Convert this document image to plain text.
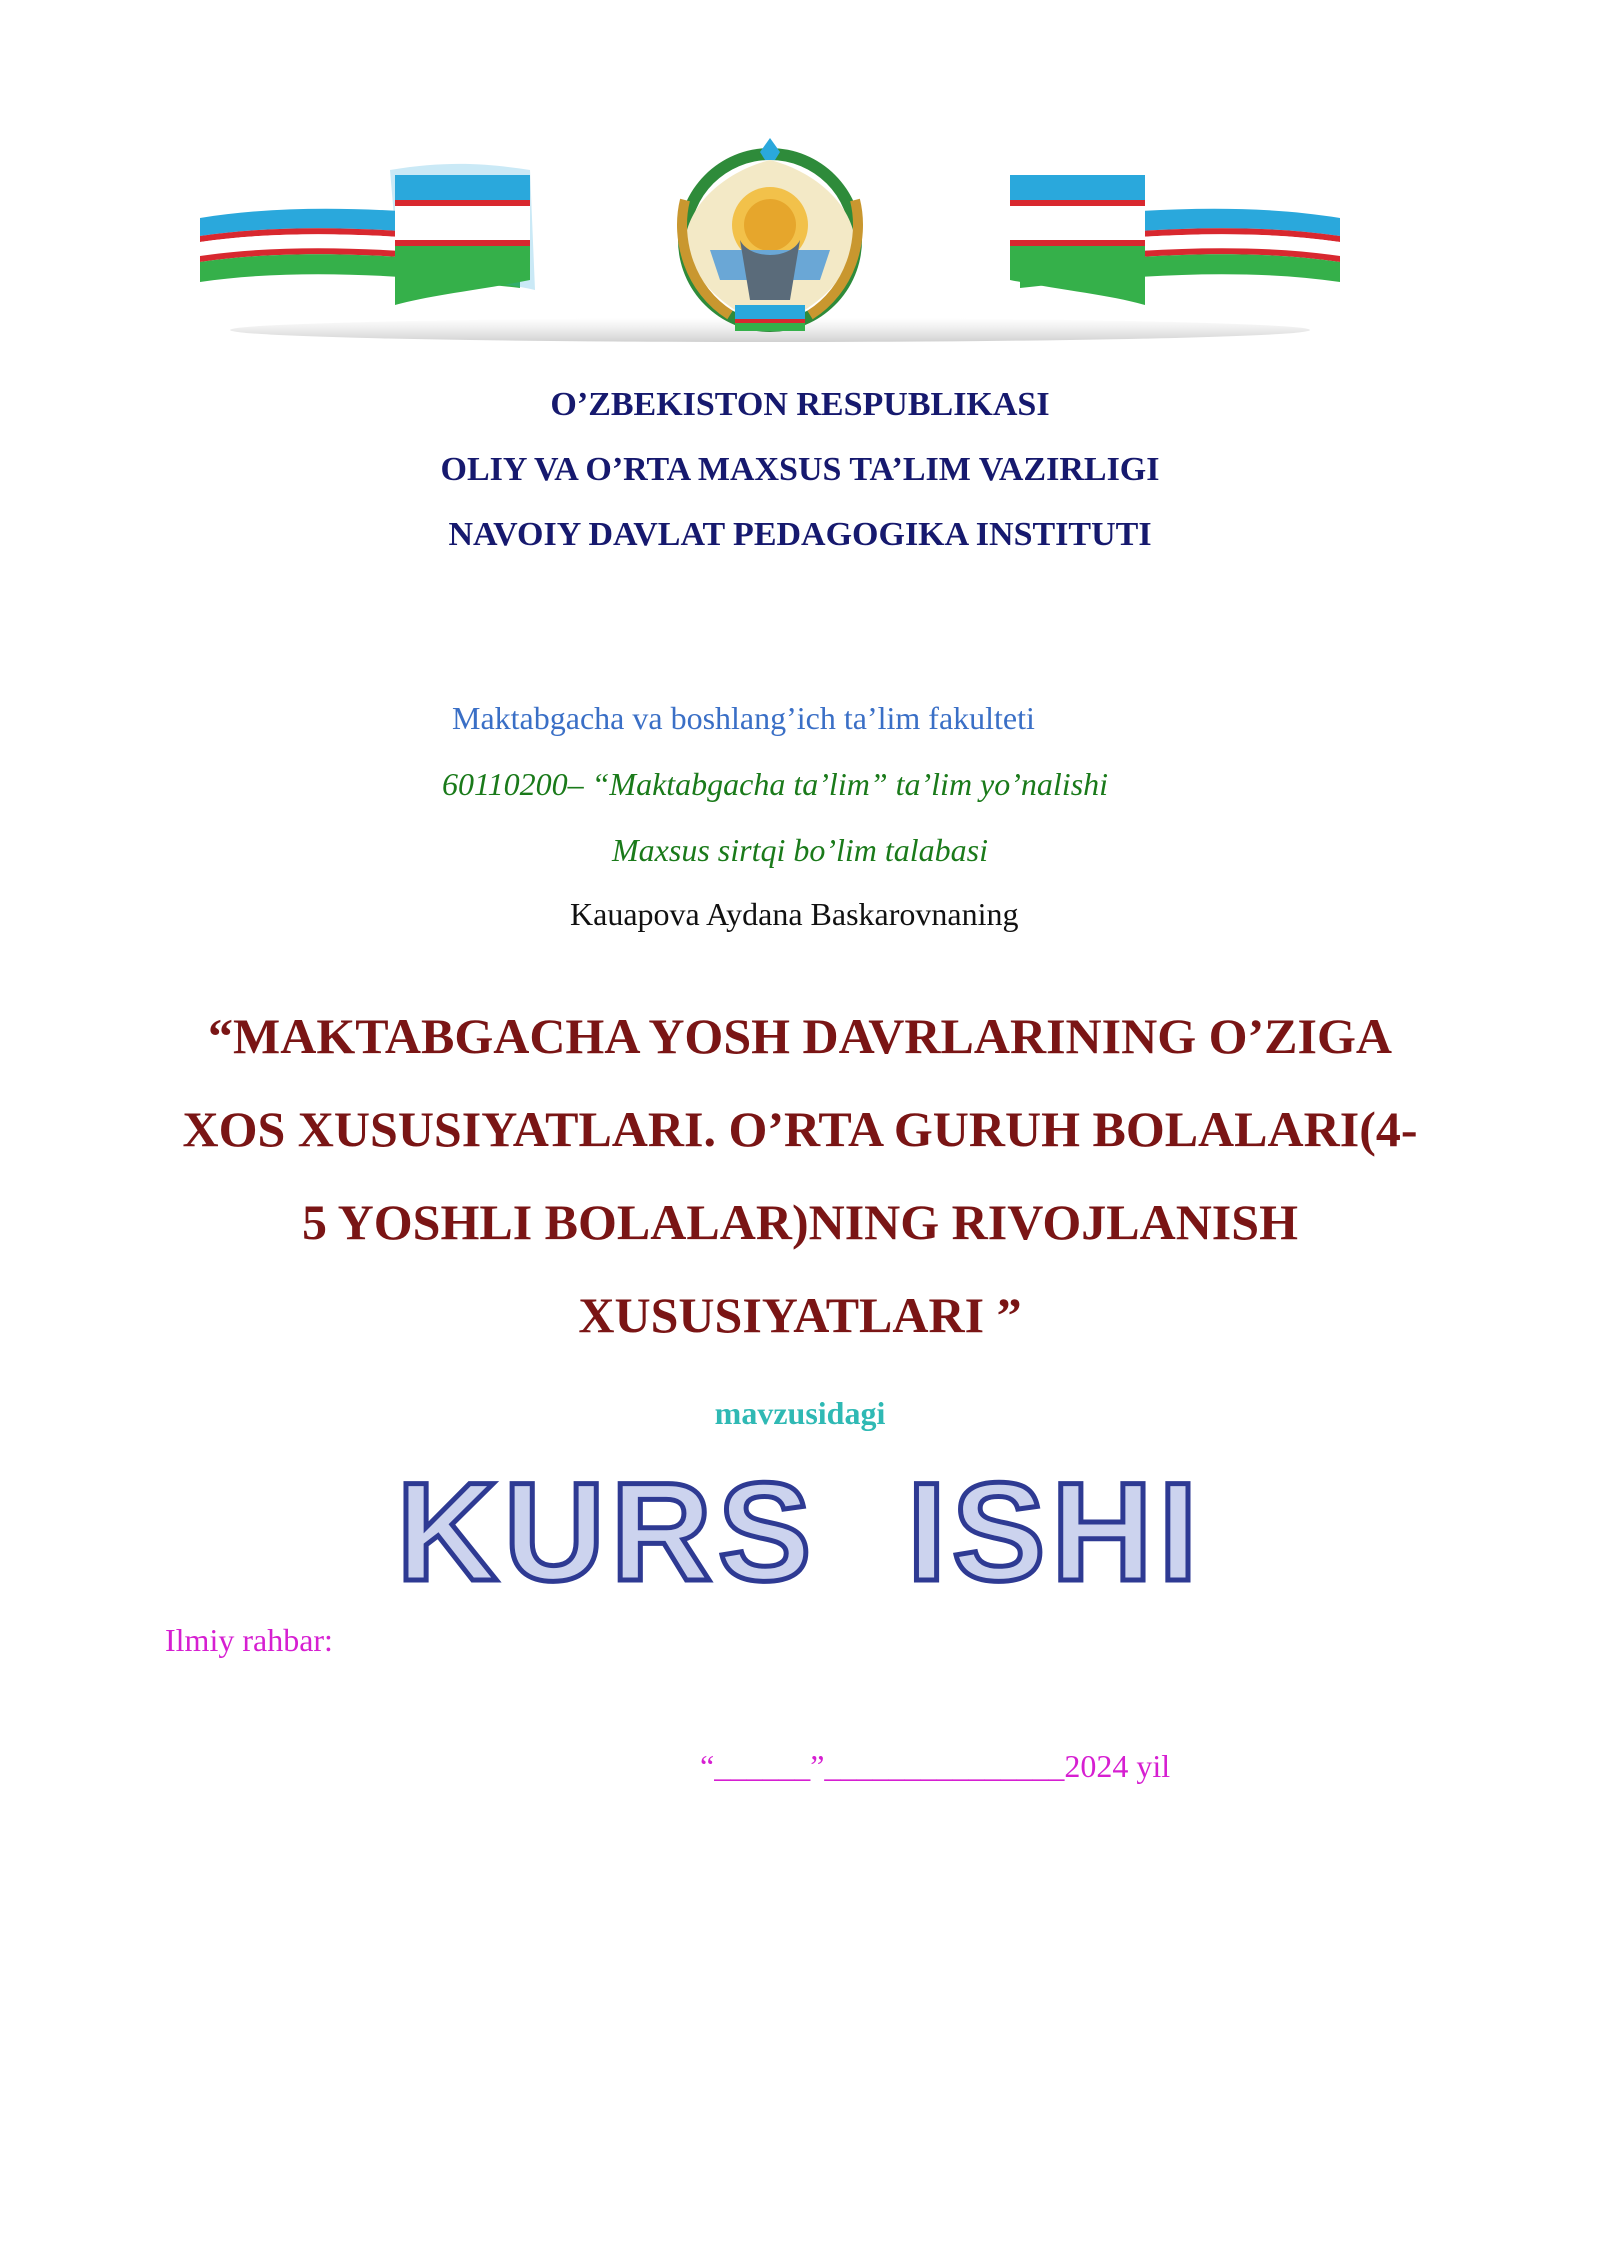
O’ZBEKISTON RESPUBLIKASI
OLIY VA O’RTA MAXSUS TA’LIM VAZIRLIGI
NAVOIY DAVLAT PEDAGOGIKA INSTITUTI
Maktabgacha va boshlang’ich ta’lim fakulteti
60110200– “Maktabgacha ta’lim” ta’lim yo’nalishi
Maxsus sirtqi bo’lim talabasi
Kauapova Aydana Baskarovnaning
“MAKTABGACHA YOSH DAVRLARINING O’ZIGA
XOS XUSUSIYATLARI. O’RTA GURUH BOLALARI(4-
5 YOSHLI BOLALAR)NING RIVOJLANISH
XUSUSIYATLARI ”
mavzusidagi
KURS  ISHI
Ilmiy rahbar:
“______”_______________2024 yil
